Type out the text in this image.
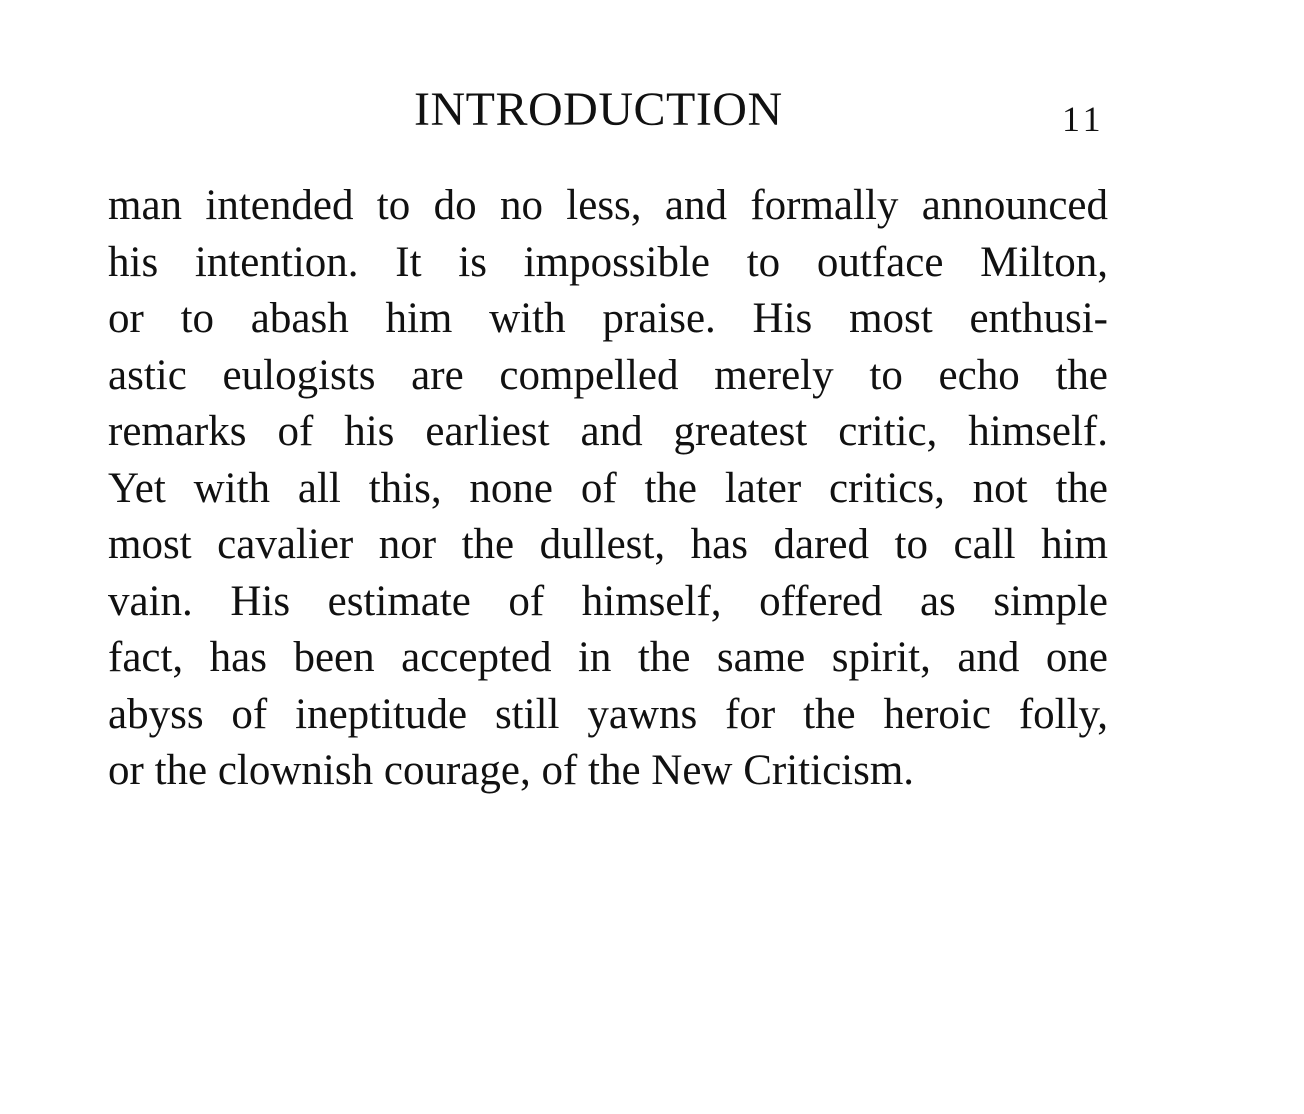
INTRODUCTION	11
man intended to do no less, and formally announced
his intention. It is impossible to outface Milton,
or to abash him with praise. His most enthusi-
astic eulogists are compelled merely to echo the
remarks of his earliest and greatest critic, himself.
Yet with all this, none of the later critics, not the
most cavalier nor the dullest, has dared to call him
vain. His estimate of himself, offered as simple
fact, has been accepted in the same spirit, and one
abyss of ineptitude still yawns for the heroic folly,
or the clownish courage, of the New Criticism.
